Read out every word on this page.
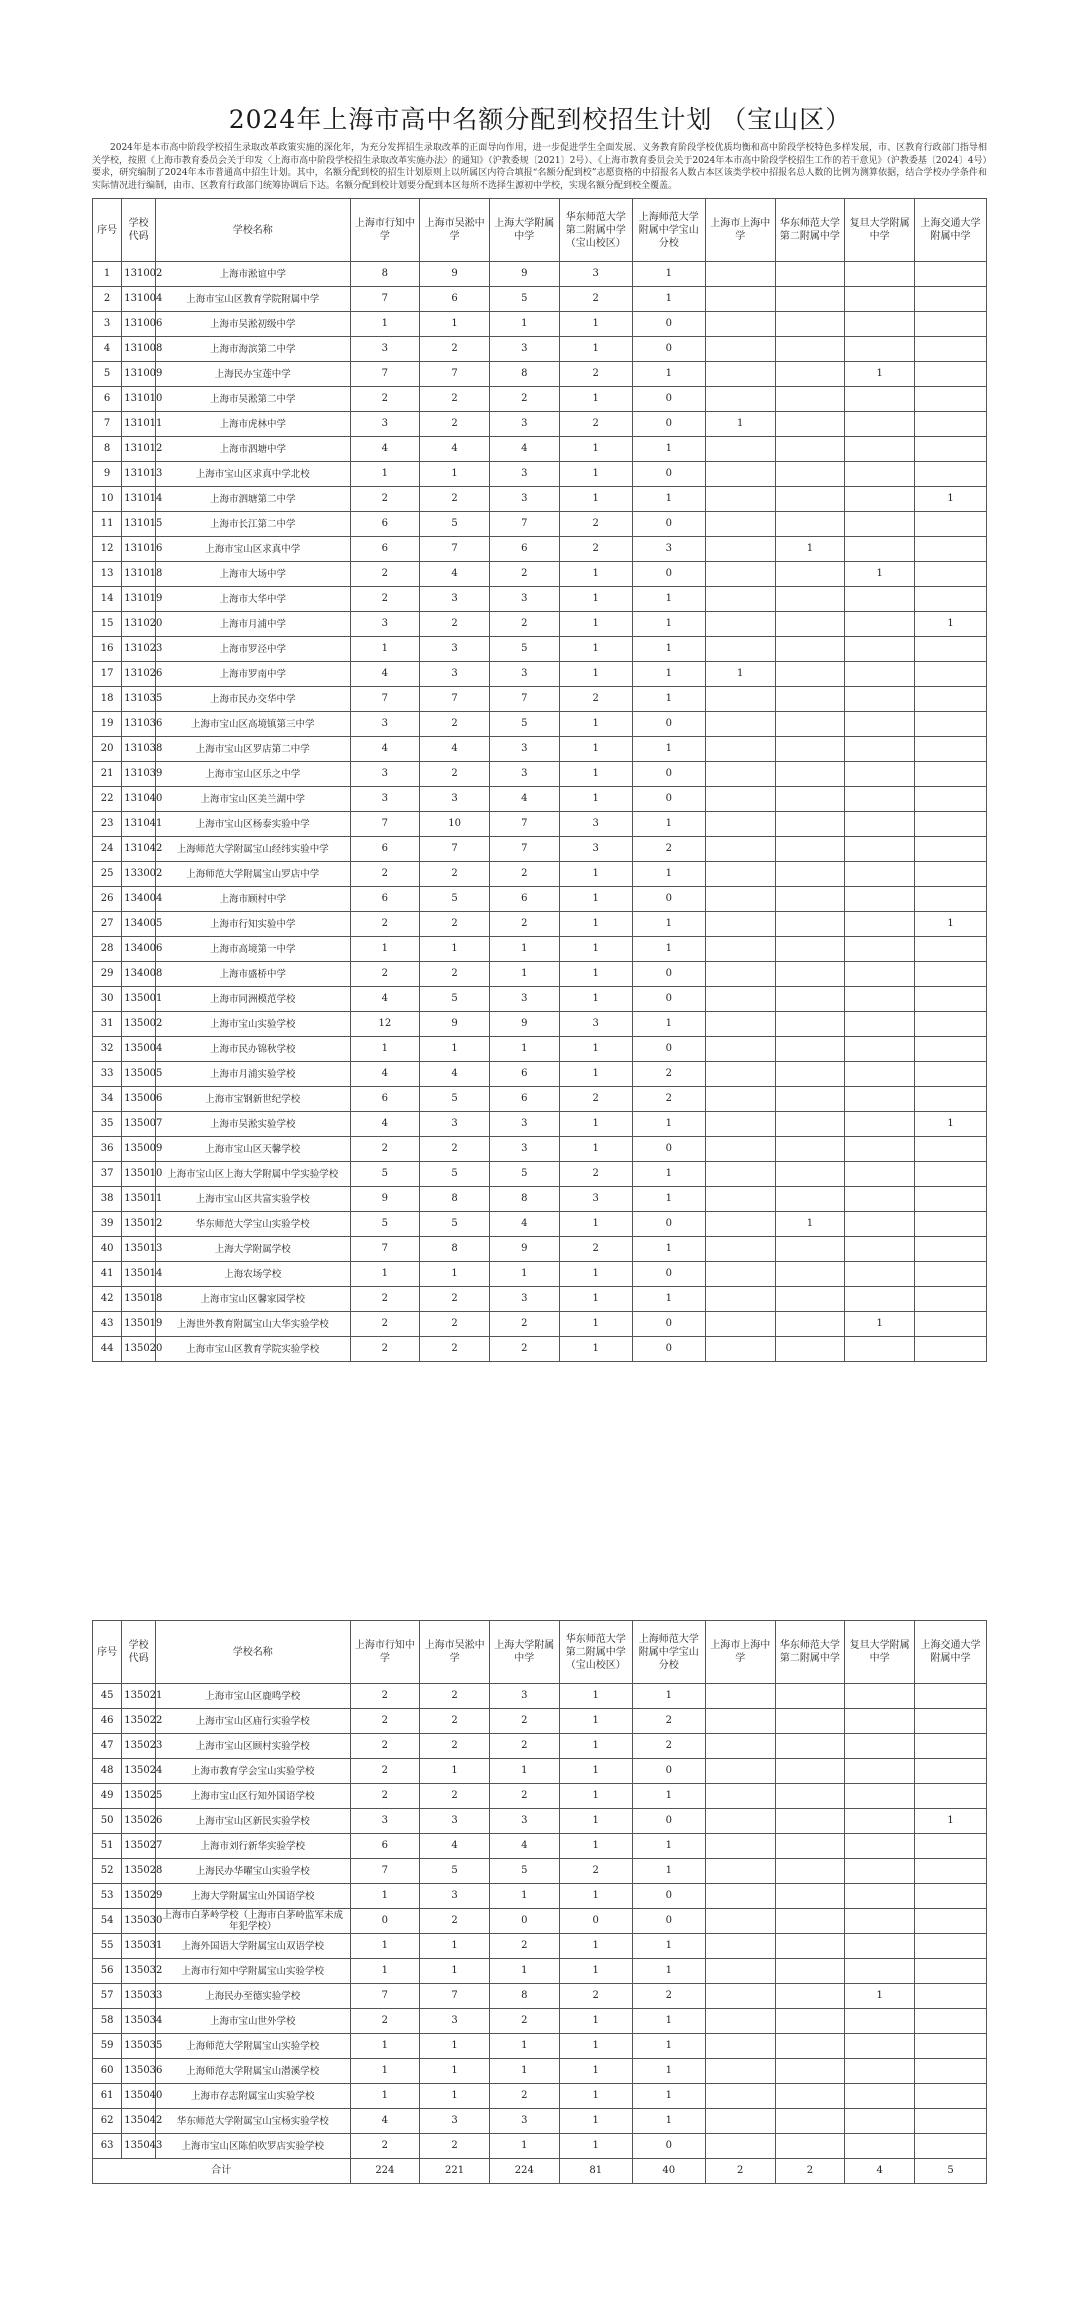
2024年上海市高中名额分配到校招生计划 （宝山区）
2024年是本市高中阶段学校招生录取改革政策实施的深化年，为充分发挥招生录取改革的正面导向作用，进一步促进学生全面发展、义务教育阶段学校优质均衡和高中阶段学校特色多样发展，市、区教育行政部门指导相关学校，按照《上海市教育委员会关于印发〈上海市高中阶段学校招生录取改革实施办法〉的通知》（沪教委规〔2021〕2号）、《上海市教育委员会关于2024年本市高中阶段学校招生工作的若干意见》（沪教委基〔2024〕4号）要求，研究编制了2024年本市普通高中招生计划。其中，名额分配到校的招生计划原则上以所属区内符合填报“名额分配到校”志愿资格的中招报名人数占本区该类学校中招报名总人数的比例为测算依据，结合学校办学条件和实际情况进行编制，由市、区教育行政部门统筹协调后下达。名额分配到校计划要分配到本区每所不选择生源初中学校，实现名额分配到校全覆盖。
序号	学校代码	学校名称	上海市行知中学	上海市吴淞中学	上海大学附属中学	华东师范大学第二附属中学（宝山校区）	上海师范大学附属中学宝山分校	上海市上海中学	华东师范大学第二附属中学	复旦大学附属中学	上海交通大学附属中学
1	131002	上海市淞谊中学	8	9	9	3	1				
2	131004	上海市宝山区教育学院附属中学	7	6	5	2	1				
3	131006	上海市吴淞初级中学	1	1	1	1	0				
4	131008	上海市海滨第二中学	3	2	3	1	0				
5	131009	上海民办宝莲中学	7	7	8	2	1			1	
6	131010	上海市吴淞第二中学	2	2	2	1	0				
7	131011	上海市虎林中学	3	2	3	2	0	1			
8	131012	上海市泗塘中学	4	4	4	1	1				
9	131013	上海市宝山区求真中学北校	1	1	3	1	0				
10	131014	上海市泗塘第二中学	2	2	3	1	1				1
11	131015	上海市长江第二中学	6	5	7	2	0				
12	131016	上海市宝山区求真中学	6	7	6	2	3		1		
13	131018	上海市大场中学	2	4	2	1	0			1	
14	131019	上海市大华中学	2	3	3	1	1				
15	131020	上海市月浦中学	3	2	2	1	1				1
16	131023	上海市罗泾中学	1	3	5	1	1				
17	131026	上海市罗南中学	4	3	3	1	1	1			
18	131035	上海市民办交华中学	7	7	7	2	1				
19	131036	上海市宝山区高境镇第三中学	3	2	5	1	0				
20	131038	上海市宝山区罗店第二中学	4	4	3	1	1				
21	131039	上海市宝山区乐之中学	3	2	3	1	0				
22	131040	上海市宝山区美兰湖中学	3	3	4	1	0				
23	131041	上海市宝山区杨泰实验中学	7	10	7	3	1				
24	131042	上海师范大学附属宝山经纬实验中学	6	7	7	3	2				
25	133002	上海师范大学附属宝山罗店中学	2	2	2	1	1				
26	134004	上海市顾村中学	6	5	6	1	0				
27	134005	上海市行知实验中学	2	2	2	1	1				1
28	134006	上海市高境第一中学	1	1	1	1	1				
29	134008	上海市盛桥中学	2	2	1	1	0				
30	135001	上海市同洲模范学校	4	5	3	1	0				
31	135002	上海市宝山实验学校	12	9	9	3	1				
32	135004	上海市民办锦秋学校	1	1	1	1	0				
33	135005	上海市月浦实验学校	4	4	6	1	2				
34	135006	上海市宝钢新世纪学校	6	5	6	2	2				
35	135007	上海市吴淞实验学校	4	3	3	1	1				1
36	135009	上海市宝山区天馨学校	2	2	3	1	0				
37	135010	上海市宝山区上海大学附属中学实验学校	5	5	5	2	1				
38	135011	上海市宝山区共富实验学校	9	8	8	3	1				
39	135012	华东师范大学宝山实验学校	5	5	4	1	0		1		
40	135013	上海大学附属学校	7	8	9	2	1				
41	135014	上海农场学校	1	1	1	1	0				
42	135018	上海市宝山区馨家园学校	2	2	3	1	1				
43	135019	上海世外教育附属宝山大华实验学校	2	2	2	1	0			1	
44	135020	上海市宝山区教育学院实验学校	2	2	2	1	0				
序号	学校代码	学校名称	上海市行知中学	上海市吴淞中学	上海大学附属中学	华东师范大学第二附属中学（宝山校区）	上海师范大学附属中学宝山分校	上海市上海中学	华东师范大学第二附属中学	复旦大学附属中学	上海交通大学附属中学
45	135021	上海市宝山区鹿鸣学校	2	2	3	1	1				
46	135022	上海市宝山区庙行实验学校	2	2	2	1	2				
47	135023	上海市宝山区顾村实验学校	2	2	2	1	2				
48	135024	上海市教育学会宝山实验学校	2	1	1	1	0				
49	135025	上海市宝山区行知外国语学校	2	2	2	1	1				
50	135026	上海市宝山区新民实验学校	3	3	3	1	0				1
51	135027	上海市刘行新华实验学校	6	4	4	1	1				
52	135028	上海民办华曜宝山实验学校	7	5	5	2	1				
53	135029	上海大学附属宝山外国语学校	1	3	1	1	0				
54	135030	上海市白茅岭学校（上海市白茅岭监军未成年犯学校）	0	2	0	0	0				
55	135031	上海外国语大学附属宝山双语学校	1	1	2	1	1				
56	135032	上海市行知中学附属宝山实验学校	1	1	1	1	1				
57	135033	上海民办至德实验学校	7	7	8	2	2			1	
58	135034	上海市宝山世外学校	2	3	2	1	1				
59	135035	上海师范大学附属宝山实验学校	1	1	1	1	1				
60	135036	上海师范大学附属宝山潜溪学校	1	1	1	1	1				
61	135040	上海市存志附属宝山实验学校	1	1	2	1	1				
62	135042	华东师范大学附属宝山宝杨实验学校	4	3	3	1	1				
63	135043	上海市宝山区陈伯吹罗店实验学校	2	2	1	1	0				
合计			224	221	224	81	40	2	2	4	5
